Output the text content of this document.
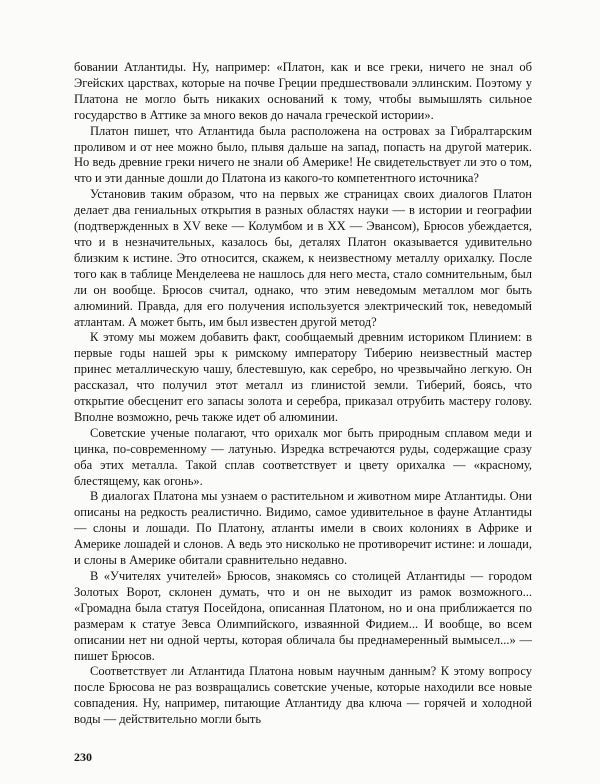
бовании Атлантиды. Ну, например: «Платон, как и все греки, ничего не знал об Эгейских царствах, которые на почве Греции предшествовали эллинским. Поэтому у Платона не могло быть никаких оснований к тому, чтобы вымышлять сильное государство в Аттике за много веков до начала греческой истории».

Платон пишет, что Атлантида была расположена на островах за Гибралтарским проливом и от нее можно было, плывя дальше на запад, попасть на другой материк. Но ведь древние греки ничего не знали об Америке! Не свидетельствует ли это о том, что и эти данные дошли до Платона из какого-то компетентного источника?

Установив таким образом, что на первых же страницах своих диалогов Платон делает два гениальных открытия в разных областях науки — в истории и географии (подтвержденных в XV веке — Колумбом и в XX — Эвансом), Брюсов убеждается, что и в незначительных, казалось бы, деталях Платон оказывается удивительно близким к истине. Это относится, скажем, к неизвестному металлу орихалку. После того как в таблице Менделеева не нашлось для него места, стало сомнительным, был ли он вообще. Брюсов считал, однако, что этим неведомым металлом мог быть алюминий. Правда, для его получения используется электрический ток, неведомый атлантам. А может быть, им был известен другой метод?

К этому мы можем добавить факт, сообщаемый древним историком Плинием: в первые годы нашей эры к римскому императору Тиберию неизвестный мастер принес металлическую чашу, блестевшую, как серебро, но чрезвычайно легкую. Он рассказал, что получил этот металл из глинистой земли. Тиберий, боясь, что открытие обесценит его запасы золота и серебра, приказал отрубить мастеру голову. Вполне возможно, речь также идет об алюминии.

Советские ученые полагают, что орихалк мог быть природным сплавом меди и цинка, по-современному — латунью. Изредка встречаются руды, содержащие сразу оба этих металла. Такой сплав соответствует и цвету орихалка — «красному, блестящему, как огонь».

В диалогах Платона мы узнаем о растительном и животном мире Атлантиды. Они описаны на редкость реалистично. Видимо, самое удивительное в фауне Атлантиды — слоны и лошади. По Платону, атланты имели в своих колониях в Африке и Америке лошадей и слонов. А ведь это нисколько не противоречит истине: и лошади, и слоны в Америке обитали сравнительно недавно.

В «Учителях учителей» Брюсов, знакомясь со столицей Атлантиды — городом Золотых Ворот, склонен думать, что и он не выходит из рамок возможного... «Громадна была статуя Посейдона, описанная Платоном, но и она приближается по размерам к статуе Зевса Олимпийского, изваянной Фидием... И вообще, во всем описании нет ни одной черты, которая обличала бы преднамеренный вымысел...» — пишет Брюсов.

Соответствует ли Атлантида Платона новым научным данным? К этому вопросу после Брюсова не раз возвращались советские ученые, которые находили все новые совпадения. Ну, например, питающие Атлантиду два ключа — горячей и холодной воды — действительно могли быть

230
